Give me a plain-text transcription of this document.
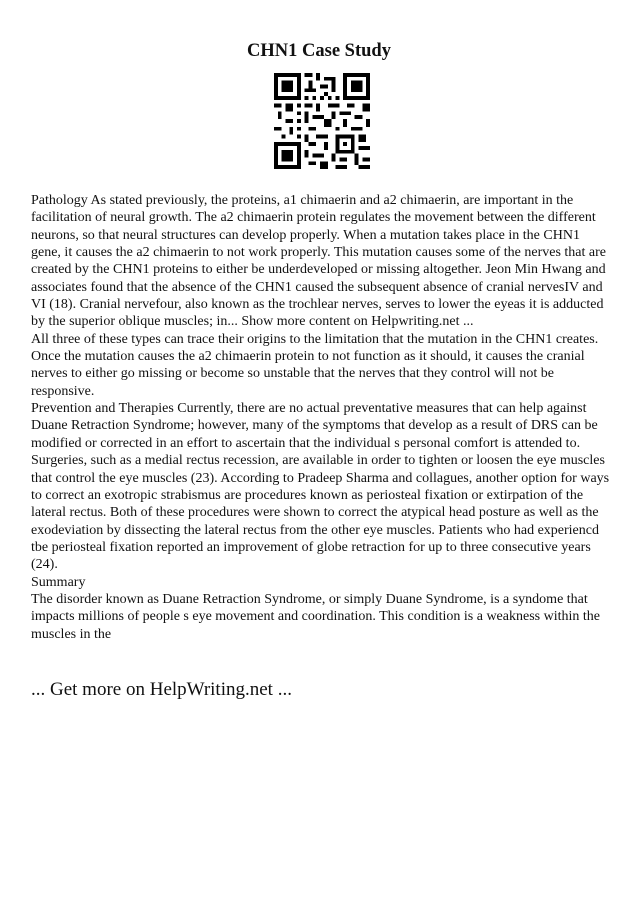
CHN1 Case Study

Pathology As stated previously, the proteins, a1 chimaerin and a2 chimaerin, are important in the facilitation of neural growth. The a2 chimaerin protein regulates the movement between the different neurons, so that neural structures can develop properly. When a mutation takes place in the CHN1 gene, it causes the a2 chimaerin to not work properly. This mutation causes some of the nerves that are created by the CHN1 proteins to either be underdeveloped or missing altogether. Jeon Min Hwang and associates found that the absence of the CHN1 caused the subsequent absence of cranial nervesIV and VI (18). Cranial nervefour, also known as the trochlear nerves, serves to lower the eyeas it is adducted by the superior oblique muscles; in... Show more content on Helpwriting.net ...

All three of these types can trace their origins to the limitation that the mutation in the CHN1 creates. Once the mutation causes the a2 chimaerin protein to not function as it should, it causes the cranial nerves to either go missing or become so unstable that the nerves that they control will not be responsive.

Prevention and Therapies Currently, there are no actual preventative measures that can help against Duane Retraction Syndrome; however, many of the symptoms that develop as a result of DRS can be modified or corrected in an effort to ascertain that the individual s personal comfort is attended to. Surgeries, such as a medial rectus recession, are available in order to tighten or loosen the eye muscles that control the eye muscles (23). According to Pradeep Sharma and collagues, another option for ways to correct an exotropic strabismus are procedures known as periosteal fixation or extirpation of the lateral rectus. Both of these procedures were shown to correct the atypical head posture as well as the exodeviation by dissecting the lateral rectus from the other eye muscles. Patients who had experiencd tbe periosteal fixation reported an improvement of globe retraction for up to three consecutive years (24).

Summary

The disorder known as Duane Retraction Syndrome, or simply Duane Syndrome, is a syndome that impacts millions of people s eye movement and coordination. This condition is a weakness within the muscles in the

... Get more on HelpWriting.net ...
